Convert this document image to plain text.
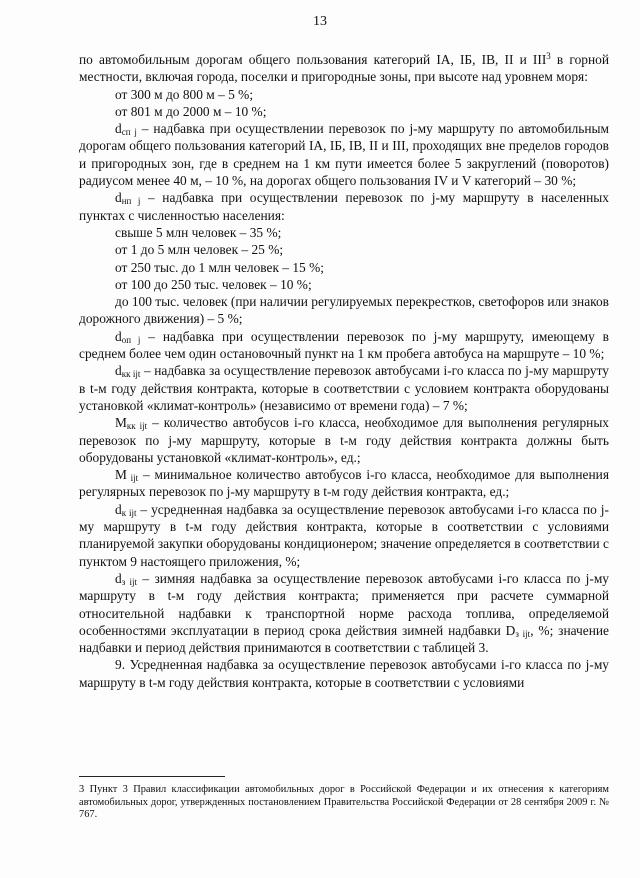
13

по автомобильным дорогам общего пользования категорий IА, IБ, IВ, II и III$^3$ в горной местности, включая города, поселки и пригородные зоны, при высоте над уровнем моря:

от 300 м до 800 м – 5 %;

от 801 м до 2000 м – 10 %;

$d_{сп j}$ – надбавка при осуществлении перевозок по j-му маршруту по автомобильным дорогам общего пользования категорий IА, IБ, IВ, II и III, проходящих вне пределов городов и пригородных зон, где в среднем на 1 км пути имеется более 5 закруглений (поворотов) радиусом менее 40 м, – 10 %, на дорогах общего пользования IV и V категорий – 30 %;

$d_{нп j}$ – надбавка при осуществлении перевозок по j-му маршруту в населенных пунктах с численностью населения:

свыше 5 млн человек – 35 %;

от 1 до 5 млн человек – 25 %;

от 250 тыс. до 1 млн человек – 15 %;

от 100 до 250 тыс. человек – 10 %;

до 100 тыс. человек (при наличии регулируемых перекрестков, светофоров или знаков дорожного движения) – 5 %;

$d_{оп j}$ – надбавка при осуществлении перевозок по j-му маршруту, имеющему в среднем более чем один остановочный пункт на 1 км пробега автобуса на маршруте – 10 %;

$d_{кк ijt}$ – надбавка за осуществление перевозок автобусами i-го класса по j-му маршруту в t-м году действия контракта, которые в соответствии с условием контракта оборудованы установкой «климат-контроль» (независимо от времени года) – 7 %;

$M_{кк ijt}$ – количество автобусов i-го класса, необходимое для выполнения регулярных перевозок по j-му маршруту, которые в t-м году действия контракта должны быть оборудованы установкой «климат-контроль», ед.;

M $_{ijt}$ – минимальное количество автобусов i-го класса, необходимое для выполнения регулярных перевозок по j-му маршруту в t-м году действия контракта, ед.;

$d_{к ijt}$ – усредненная надбавка за осуществление перевозок автобусами i-го класса по j-му маршруту в t-м году действия контракта, которые в соответствии с условиями планируемой закупки оборудованы кондиционером; значение определяется в соответствии с пунктом 9 настоящего приложения, %;

$d_{з ijt}$ – зимняя надбавка за осуществление перевозок автобусами i-го класса по j-му маршруту в t-м году действия контракта; применяется при расчете суммарной относительной надбавки к транспортной норме расхода топлива, определяемой особенностями эксплуатации в период срока действия зимней надбавки $D_{з ijt}$, %; значение надбавки и период действия принимаются в соответствии с таблицей 3.

9. Усредненная надбавка за осуществление перевозок автобусами i-го класса по j-му маршруту в t-м году действия контракта, которые в соответствии с условиями

3 Пункт 3 Правил классификации автомобильных дорог в Российской Федерации и их отнесения к категориям автомобильных дорог, утвержденных постановлением Правительства Российской Федерации от 28 сентября 2009 г. № 767.
